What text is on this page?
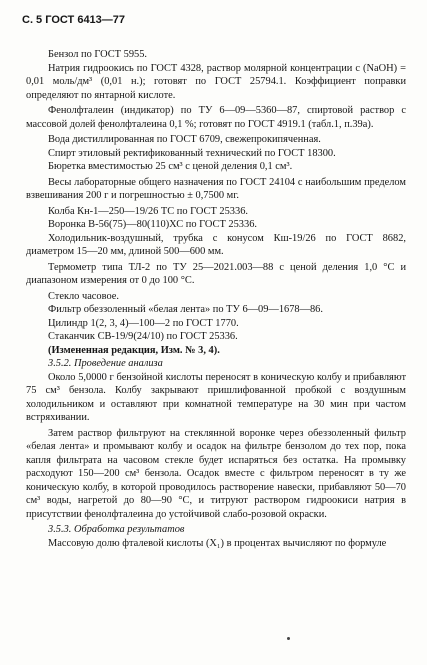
С. 5 ГОСТ 6413—77

Бензол по ГОСТ 5955.

Натрия гидроокись по ГОСТ 4328, раствор молярной концентрации с (NaOH) = 0,01 моль/дм³ (0,01 н.); готовят по ГОСТ 25794.1. Коэффициент поправки определяют по янтарной кислоте.

Фенолфталеин (индикатор) по ТУ 6—09—5360—87, спиртовой раствор с массовой долей фенолфталеина 0,1 %; готовят по ГОСТ 4919.1 (табл.1, п.39а).

Вода дистиллированная по ГОСТ 6709, свежепрокипяченная.

Спирт этиловый ректификованный технический по ГОСТ 18300.

Бюретка вместимостью 25 см³ с ценой деления 0,1 см³.

Весы лабораторные общего назначения по ГОСТ 24104 с наибольшим пределом взвешивания 200 г и погрешностью ± 0,7500 мг.

Колба Кн-1—250—19/26 ТС по ГОСТ 25336.

Воронка В-56(75)—80(110)ХС по ГОСТ 25336.

Холодильник-воздушный, трубка с конусом Кш-19/26 по ГОСТ 8682, диаметром 15—20 мм, длиной 500—600 мм.

Термометр типа ТЛ-2 по ТУ 25—2021.003—88 с ценой деления 1,0 °С и диапазоном измерения от 0 до 100 °С.

Стекло часовое.

Фильтр обеззоленный «белая лента» по ТУ 6—09—1678—86.

Цилиндр 1(2, 3, 4)—100—2 по ГОСТ 1770.

Стаканчик СВ-19/9(24/10) по ГОСТ 25336.

(Измененная редакция, Изм. № 3, 4).

3.5.2. Проведение анализа

Около 5,0000 г бензойной кислоты переносят в коническую колбу и прибавляют 75 см³ бензола. Колбу закрывают пришлифованной пробкой с воздушным холодильником и оставляют при комнатной температуре на 30 мин при частом встряхивании.

Затем раствор фильтруют на стеклянной воронке через обеззоленный фильтр «белая лента» и промывают колбу и осадок на фильтре бензолом до тех пор, пока капля фильтрата на часовом стекле будет испаряться без остатка. На промывку расходуют 150—200 см³ бензола. Осадок вместе с фильтром переносят в ту же коническую колбу, в которой проводилось растворение навески, прибавляют 50—70 см³ воды, нагретой до 80—90 °С, и титруют раствором гидроокиси натрия в присутствии фенолфталеина до устойчивой слабо-розовой окраски.

3.5.3. Обработка результатов

Массовую долю фталевой кислоты (X₁) в процентах вычисляют по формуле
